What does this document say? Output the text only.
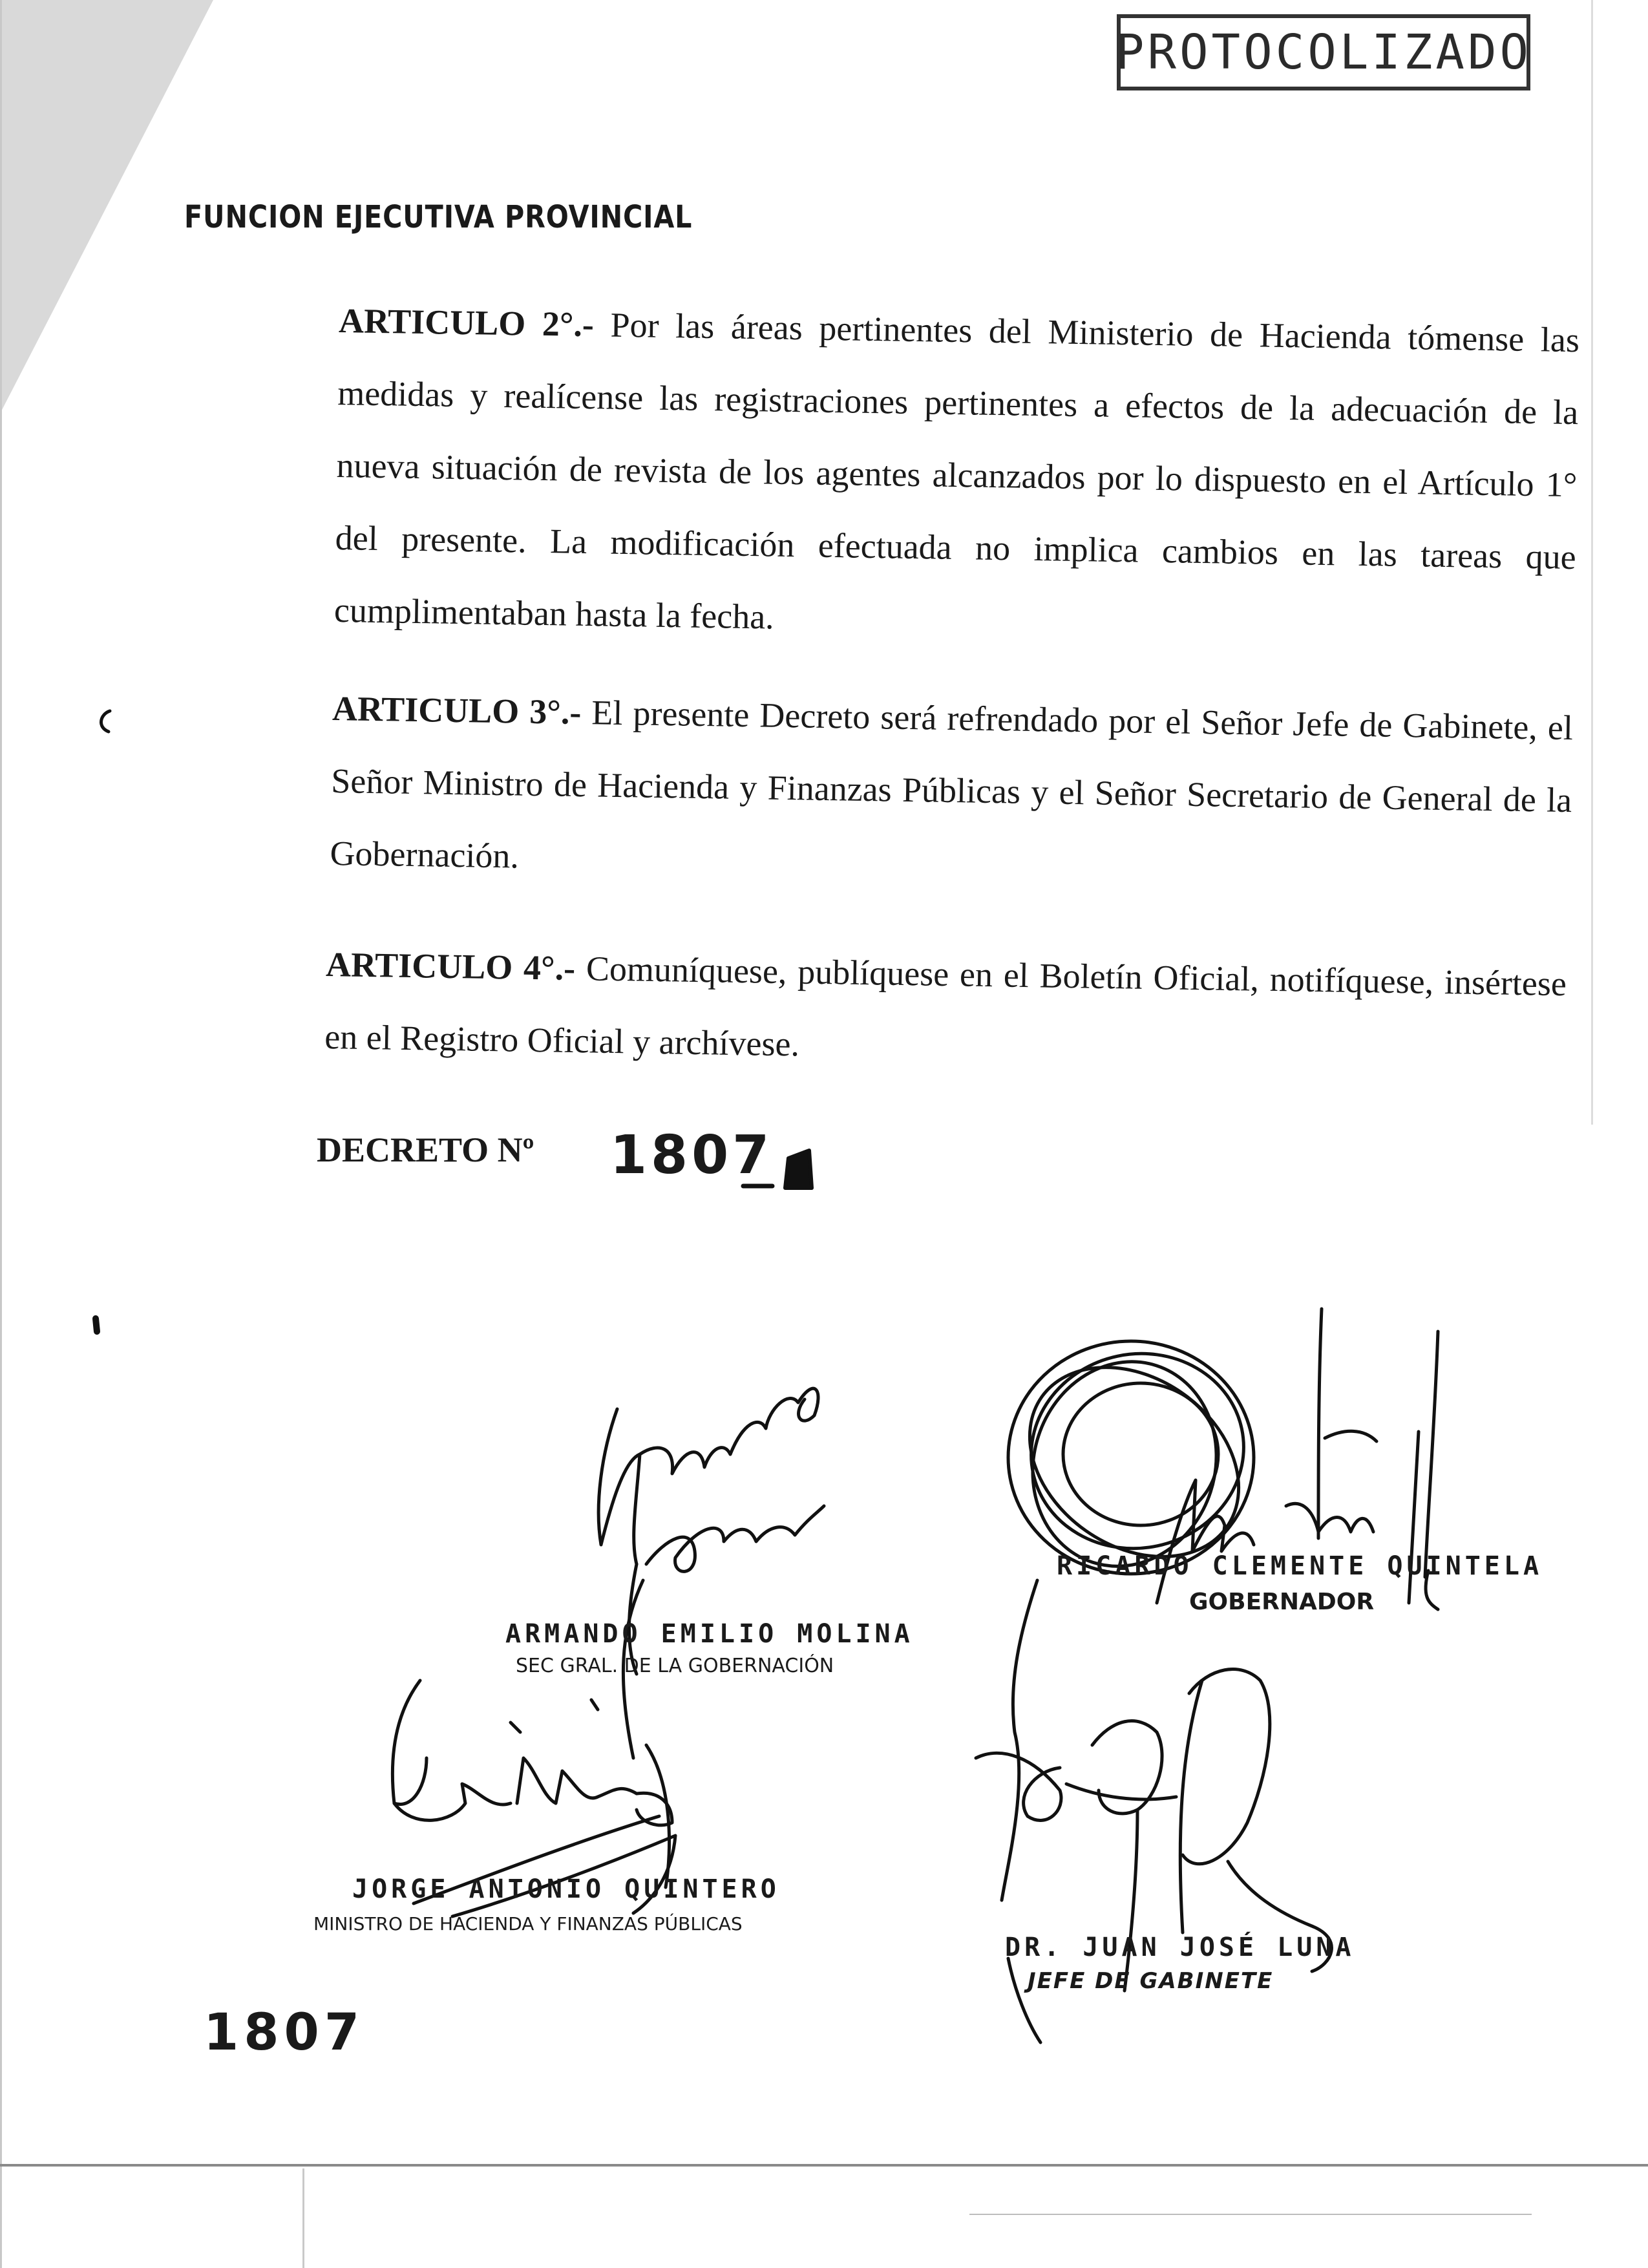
PROTOCOLIZADO
FUNCION EJECUTIVA PROVINCIAL
ARTICULO 2°.- Por las áreas pertinentes del Ministerio de Hacienda tómense las medidas y realícense las registraciones pertinentes a efectos de la adecuación de la nueva situación de revista de los agentes alcanzados por lo dispuesto en el Artículo 1° del presente. La modificación efectuada no implica cambios en las tareas que cumplimentaban hasta la fecha.
ARTICULO 3°.- El presente Decreto será refrendado por el Señor Jefe de Gabinete, el Señor Ministro de Hacienda y Finanzas Públicas y el Señor Secretario de General de la Gobernación.
ARTICULO 4°.- Comuníquese, publíquese en el Boletín Oficial, notifíquese, insértese en el Registro Oficial y archívese.
DECRETO Nº 1807
ARMANDO EMILIO MOLINA
SEC GRAL. DE LA GOBERNACIÓN
RICARDO CLEMENTE QUINTELA
GOBERNADOR
JORGE ANTONIO QUINTERO
MINISTRO DE HACIENDA Y FINANZAS PÚBLICAS
DR. JUAN JOSÉ LUNA
JEFE DE GABINETE
1807
